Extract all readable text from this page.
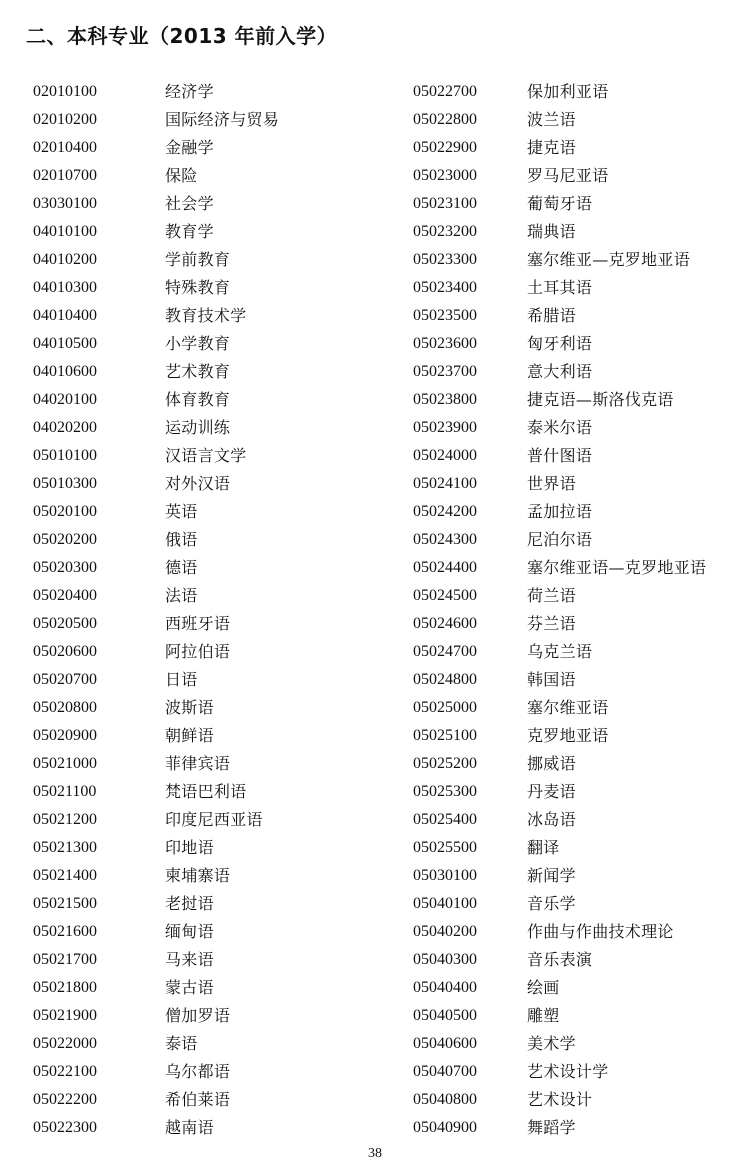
二、本科专业（2013 年前入学）
02010100	经济学
02010200	国际经济与贸易
02010400	金融学
02010700	保险
03030100	社会学
04010100	教育学
04010200	学前教育
04010300	特殊教育
04010400	教育技术学
04010500	小学教育
04010600	艺术教育
04020100	体育教育
04020200	运动训练
05010100	汉语言文学
05010300	对外汉语
05020100	英语
05020200	俄语
05020300	德语
05020400	法语
05020500	西班牙语
05020600	阿拉伯语
05020700	日语
05020800	波斯语
05020900	朝鲜语
05021000	菲律宾语
05021100	梵语巴利语
05021200	印度尼西亚语
05021300	印地语
05021400	柬埔寨语
05021500	老挝语
05021600	缅甸语
05021700	马来语
05021800	蒙古语
05021900	僧加罗语
05022000	泰语
05022100	乌尔都语
05022200	希伯莱语
05022300	越南语
05022700	保加利亚语
05022800	波兰语
05022900	捷克语
05023000	罗马尼亚语
05023100	葡萄牙语
05023200	瑞典语
05023300	塞尔维亚—克罗地亚语
05023400	土耳其语
05023500	希腊语
05023600	匈牙利语
05023700	意大利语
05023800	捷克语—斯洛伐克语
05023900	泰米尔语
05024000	普什图语
05024100	世界语
05024200	孟加拉语
05024300	尼泊尔语
05024400	塞尔维亚语—克罗地亚语
05024500	荷兰语
05024600	芬兰语
05024700	乌克兰语
05024800	韩国语
05025000	塞尔维亚语
05025100	克罗地亚语
05025200	挪威语
05025300	丹麦语
05025400	冰岛语
05025500	翻译
05030100	新闻学
05040100	音乐学
05040200	作曲与作曲技术理论
05040300	音乐表演
05040400	绘画
05040500	雕塑
05040600	美术学
05040700	艺术设计学
05040800	艺术设计
05040900	舞蹈学
38
